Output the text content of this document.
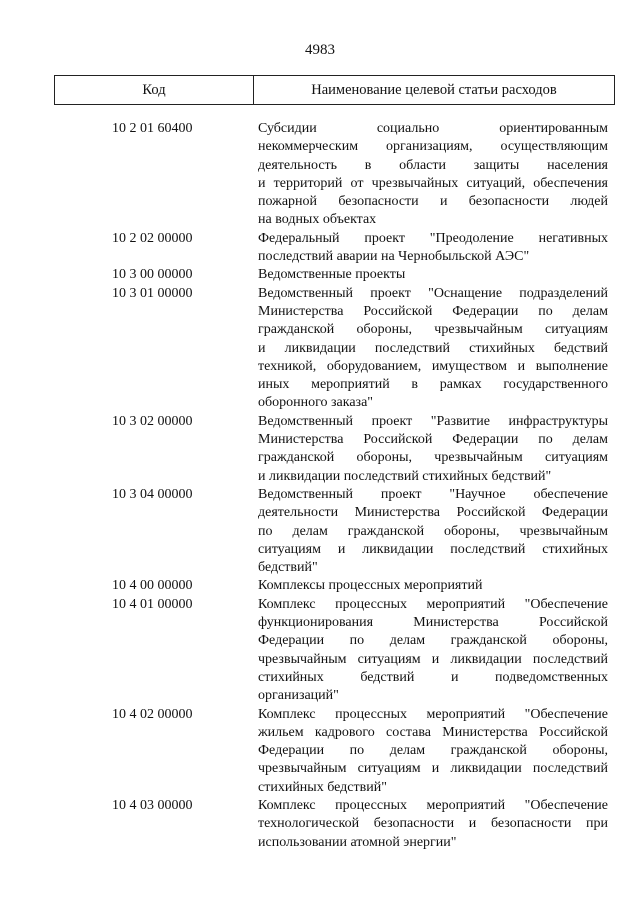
4983
Код	Наименование целевой статьи расходов
10 2 01 60400	Субсидии социально ориентированным
некоммерческим организациям, осуществляющим
деятельность в области защиты населения
и территорий от чрезвычайных ситуаций, обеспечения
пожарной безопасности и безопасности людей
на водных объектах
10 2 02 00000	Федеральный проект "Преодоление негативных
последствий аварии на Чернобыльской АЭС"
10 3 00 00000	Ведомственные проекты
10 3 01 00000	Ведомственный проект "Оснащение подразделений
Министерства Российской Федерации по делам
гражданской обороны, чрезвычайным ситуациям
и ликвидации последствий стихийных бедствий
техникой, оборудованием, имуществом и выполнение
иных мероприятий в рамках государственного
оборонного заказа"
10 3 02 00000	Ведомственный проект "Развитие инфраструктуры
Министерства Российской Федерации по делам
гражданской обороны, чрезвычайным ситуациям
и ликвидации последствий стихийных бедствий"
10 3 04 00000	Ведомственный проект "Научное обеспечение
деятельности Министерства Российской Федерации
по делам гражданской обороны, чрезвычайным
ситуациям и ликвидации последствий стихийных
бедствий"
10 4 00 00000	Комплексы процессных мероприятий
10 4 01 00000	Комплекс процессных мероприятий "Обеспечение
функционирования Министерства Российской
Федерации по делам гражданской обороны,
чрезвычайным ситуациям и ликвидации последствий
стихийных бедствий и подведомственных
организаций"
10 4 02 00000	Комплекс процессных мероприятий "Обеспечение
жильем кадрового состава Министерства Российской
Федерации по делам гражданской обороны,
чрезвычайным ситуациям и ликвидации последствий
стихийных бедствий"
10 4 03 00000	Комплекс процессных мероприятий "Обеспечение
технологической безопасности и безопасности при
использовании атомной энергии"
